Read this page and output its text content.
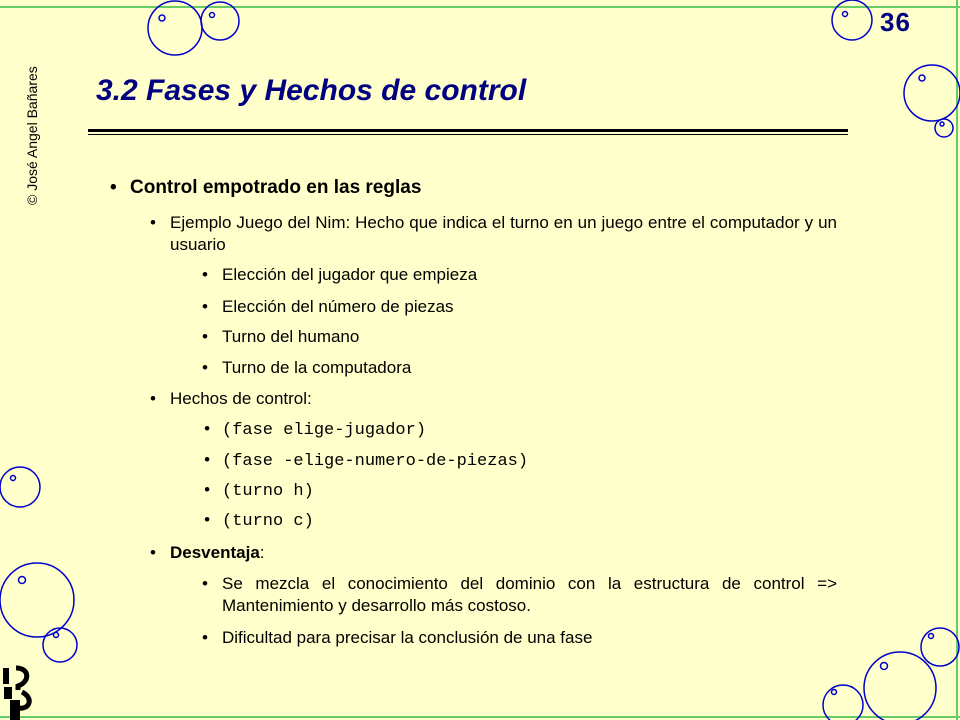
© José Angel Bañares
36
3.2 Fases y Hechos de control
• Control empotrado en las reglas
• Ejemplo Juego del Nim: Hecho que indica el turno en un juego entre el computador y un usuario
• Elección del jugador que empieza
• Elección del número de piezas
• Turno del humano
• Turno de la computadora
• Hechos de control:
• (fase elige-jugador)
• (fase -elige-numero-de-piezas)
• (turno h)
• (turno c)
• Desventaja:
• Se mezcla el conocimiento del dominio con la estructura de control => Mantenimiento y desarrollo más costoso.
• Dificultad para precisar la conclusión de una fase
